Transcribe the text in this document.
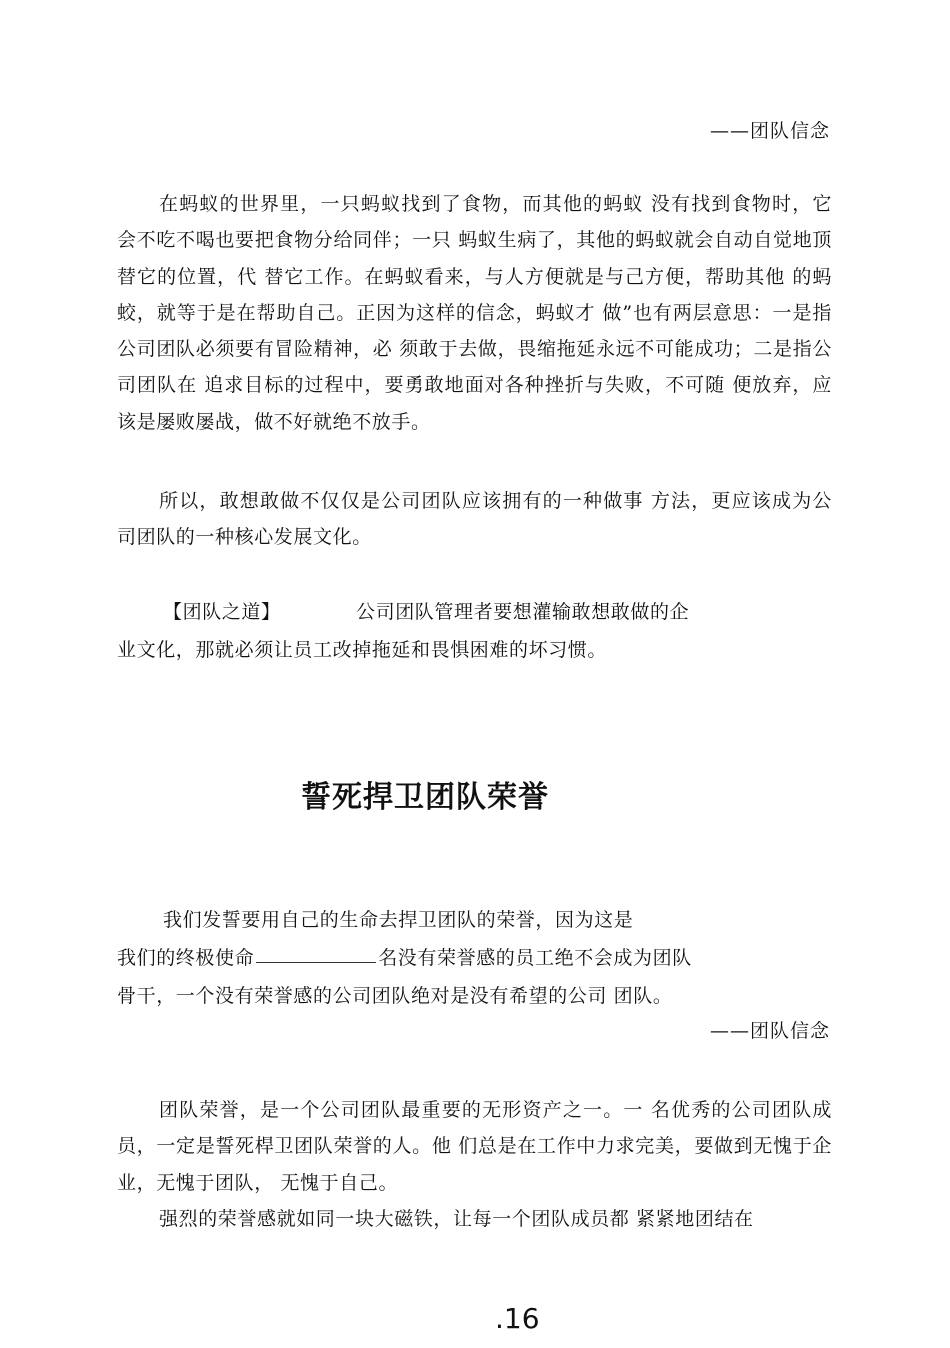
——团队信念

在蚂蚁的世界里，一只蚂蚁找到了食物，而其他的蚂蚁 没有找到食物时，它会不吃不喝也要把食物分给同伴；一只 蚂蚁生病了，其他的蚂蚁就会自动自觉地顶替它的位置，代 替它工作。在蚂蚁看来，与人方便就是与己方便，帮助其他 的蚂蛟，就等于是在帮助自己。正因为这样的信念，蚂蚁才 做”也有两层意思：一是指公司团队必须要有冒险精神，必 须敢于去做，畏缩拖延永远不可能成功；二是指公司团队在 追求目标的过程中，要勇敢地面对各种挫折与失败，不可随 便放弃，应该是屡败屡战，做不好就绝不放手。

所以，敢想敢做不仅仅是公司团队应该拥有的一种做事 方法，更应该成为公司团队的一种核心发展文化。

【团队之道】	公司团队管理者要想灌输敢想敢做的企
业文化，那就必须让员工改掉拖延和畏惧困难的坏习惯。
誓死捍卫团队荣誉
我们发誓要用自己的生命去捍卫团队的荣誉，因为这是
我们的终极使命	名没有荣誉感的员工绝不会成为团队
骨干，一个没有荣誉感的公司团队绝对是没有希望的公司 团队。
——团队信念

团队荣誉，是一个公司团队最重要的无形资产之一。一 名优秀的公司团队成员，一定是誓死桿卫团队荣誉的人。他 们总是在工作中力求完美，要做到无愧于企业，无愧于团队， 无愧于自己。

强烈的荣誉感就如同一块大磁铁，让每一个团队成员都 紧紧地团结在

.16
